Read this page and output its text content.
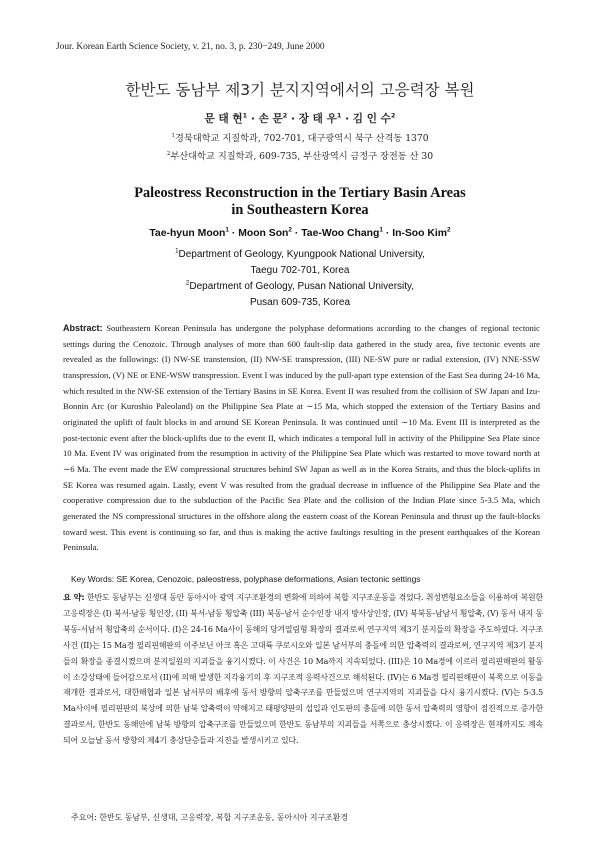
Jour. Korean Earth Science Society, v. 21, no. 3, p. 230−249, June 2000
한반도 동남부 제3기 분지지역에서의 고응력장 복원
문 태 현$^1$ · 손 문$^2$ · 장 태 우$^1$ · 김 인 수$^2$
$^1$경북대학교 지질학과, 702-701, 대구광역시 북구 산격동 1370
$^2$부산대학교 지질학과, 609-735, 부산광역시 금정구 장전동 산 30
Paleostress Reconstruction in the Tertiary Basin Areas
in Southeastern Korea
Tae-hyun Moon$^1$ · Moon Son$^2$ · Tae-Woo Chang$^1$ · In-Soo Kim$^2$
$^1$Department of Geology, Kyungpook National University,
Taegu 702-701, Korea
$^2$Department of Geology, Pusan National University,
Pusan 609-735, Korea
Abstract: Southeastern Korean Peninsula has undergone the polyphase deformations according to the changes of regional tectonic settings during the Cenozoic. Through analyses of more than 600 fault-slip data gathered in the study area, five tectonic events are revealed as the followings: (I) NW-SE transtension, (II) NW-SE transpression, (III) NE-SW pure or radial extension, (IV) NNE-SSW transpression, (V) NE or ENE-WSW transpression. Event I was induced by the pull-apart type extension of the East Sea during 24-16 Ma, which resulted in the NW-SE extension of the Tertiary Basins in SE Korea. Event II was resulted from the collision of SW Japan and Izu-Bonnin Arc (or Kuroshio Paleoland) on the Philippine Sea Plate at ∼15 Ma, which stopped the extension of the Tertiary Basins and originated the uplift of fault blocks in and around SE Korean Peninsula. It was continued until ∼10 Ma. Event III is interpreted as the post-tectonic event after the block-uplifts due to the event II, which indicates a temporal lull in activity of the Philippine Sea Plate since 10 Ma. Event IV was originated from the resumption in activity of the Philippine Sea Plate which was restarted to move toward north at ∼6 Ma. The event made the EW compressional structures behind SW Japan as well as in the Korea Straits, and thus the block-uplifts in SE Korea was resumed again. Lastly, event V was resulted from the gradual decrease in influence of the Philippine Sea Plate and the cooperative compression due to the subduction of the Pacific Sea Plate and the collision of the Indian Plate since 5-3.5 Ma, which generated the NS compressional structures in the offshore along the eastern coast of the Korean Peninsula and thrust up the fault-blocks toward west. This event is continuing so far, and thus is making the active faultings resulting in the present earthquakes of the Korean Peninsula.
Key Words: SE Korea, Cenozoic, paleostress, polyphase deformations, Asian tectonic settings
요 약: 한반도 동남부는 신생대 동안 동아시아 광역 지구조환경의 변화에 의하여 복합 지구조운동을 겪었다. 취성변형요소들을 이용하여 복원한 고응력장은 (I) 북서-남동 횡인장, (II) 북서-남동 횡압축 (III) 북동-남서 순수인장 내지 방사상인장, (IV) 북북동-남남서 횡압축, (V) 동서 내지 동북동-서남서 횡압축의 순서이다. (I)은 24-16 Ma사이 동해의 당겨열림형 확장의 결과로써 연구지역 제3기 분지들의 확장을 주도하였다. 지구조 사건 (II)는 15 Ma경 필리핀해판의 이주보닌 아크 혹은 고대륙 쿠로시오와 일본 남서부의 충돌에 의한 압축력의 결과로써, 연구지역 제3기 분지들의 확장을 종결시켰으며 분지일원의 지괴들을 융기시켰다. 이 사건은 10 Ma까지 지속되었다. (III)은 10 Ma경에 이르러 필리핀해판의 활동이 소강상태에 들어감으로서 (II)에 의해 발생한 지각융기의 후 지구조적 응력사건으로 해석된다. (IV)는 6 Ma경 필리핀해판이 북쪽으로 이동을 재개한 결과로서, 대한해협과 일본 남서부의 배후에 동서 방향의 압축구조를 만들었으며 연구지역의 지괴들을 다시 융기시켰다. (V)는 5-3.5 Ma사이에 필리핀판의 북상에 의한 남북 압축력이 약해지고 태평양판의 섭입과 인도판의 충돌에 의한 동서 압축력의 영향이 점진적으로 증가한 결과로서, 한반도 동해안에 남북 방향의 압축구조를 만들었으며 한반도 동남부의 지괴들을 서쪽으로 충상시켰다. 이 응력장은 현재까지도 계속되어 오늘날 동서 방향의 제4기 충상단층들과 지진을 발생시키고 있다.
주요어: 한반도 동남부, 신생대, 고응력장, 복합 지구조운동, 동아시아 지구조환경
